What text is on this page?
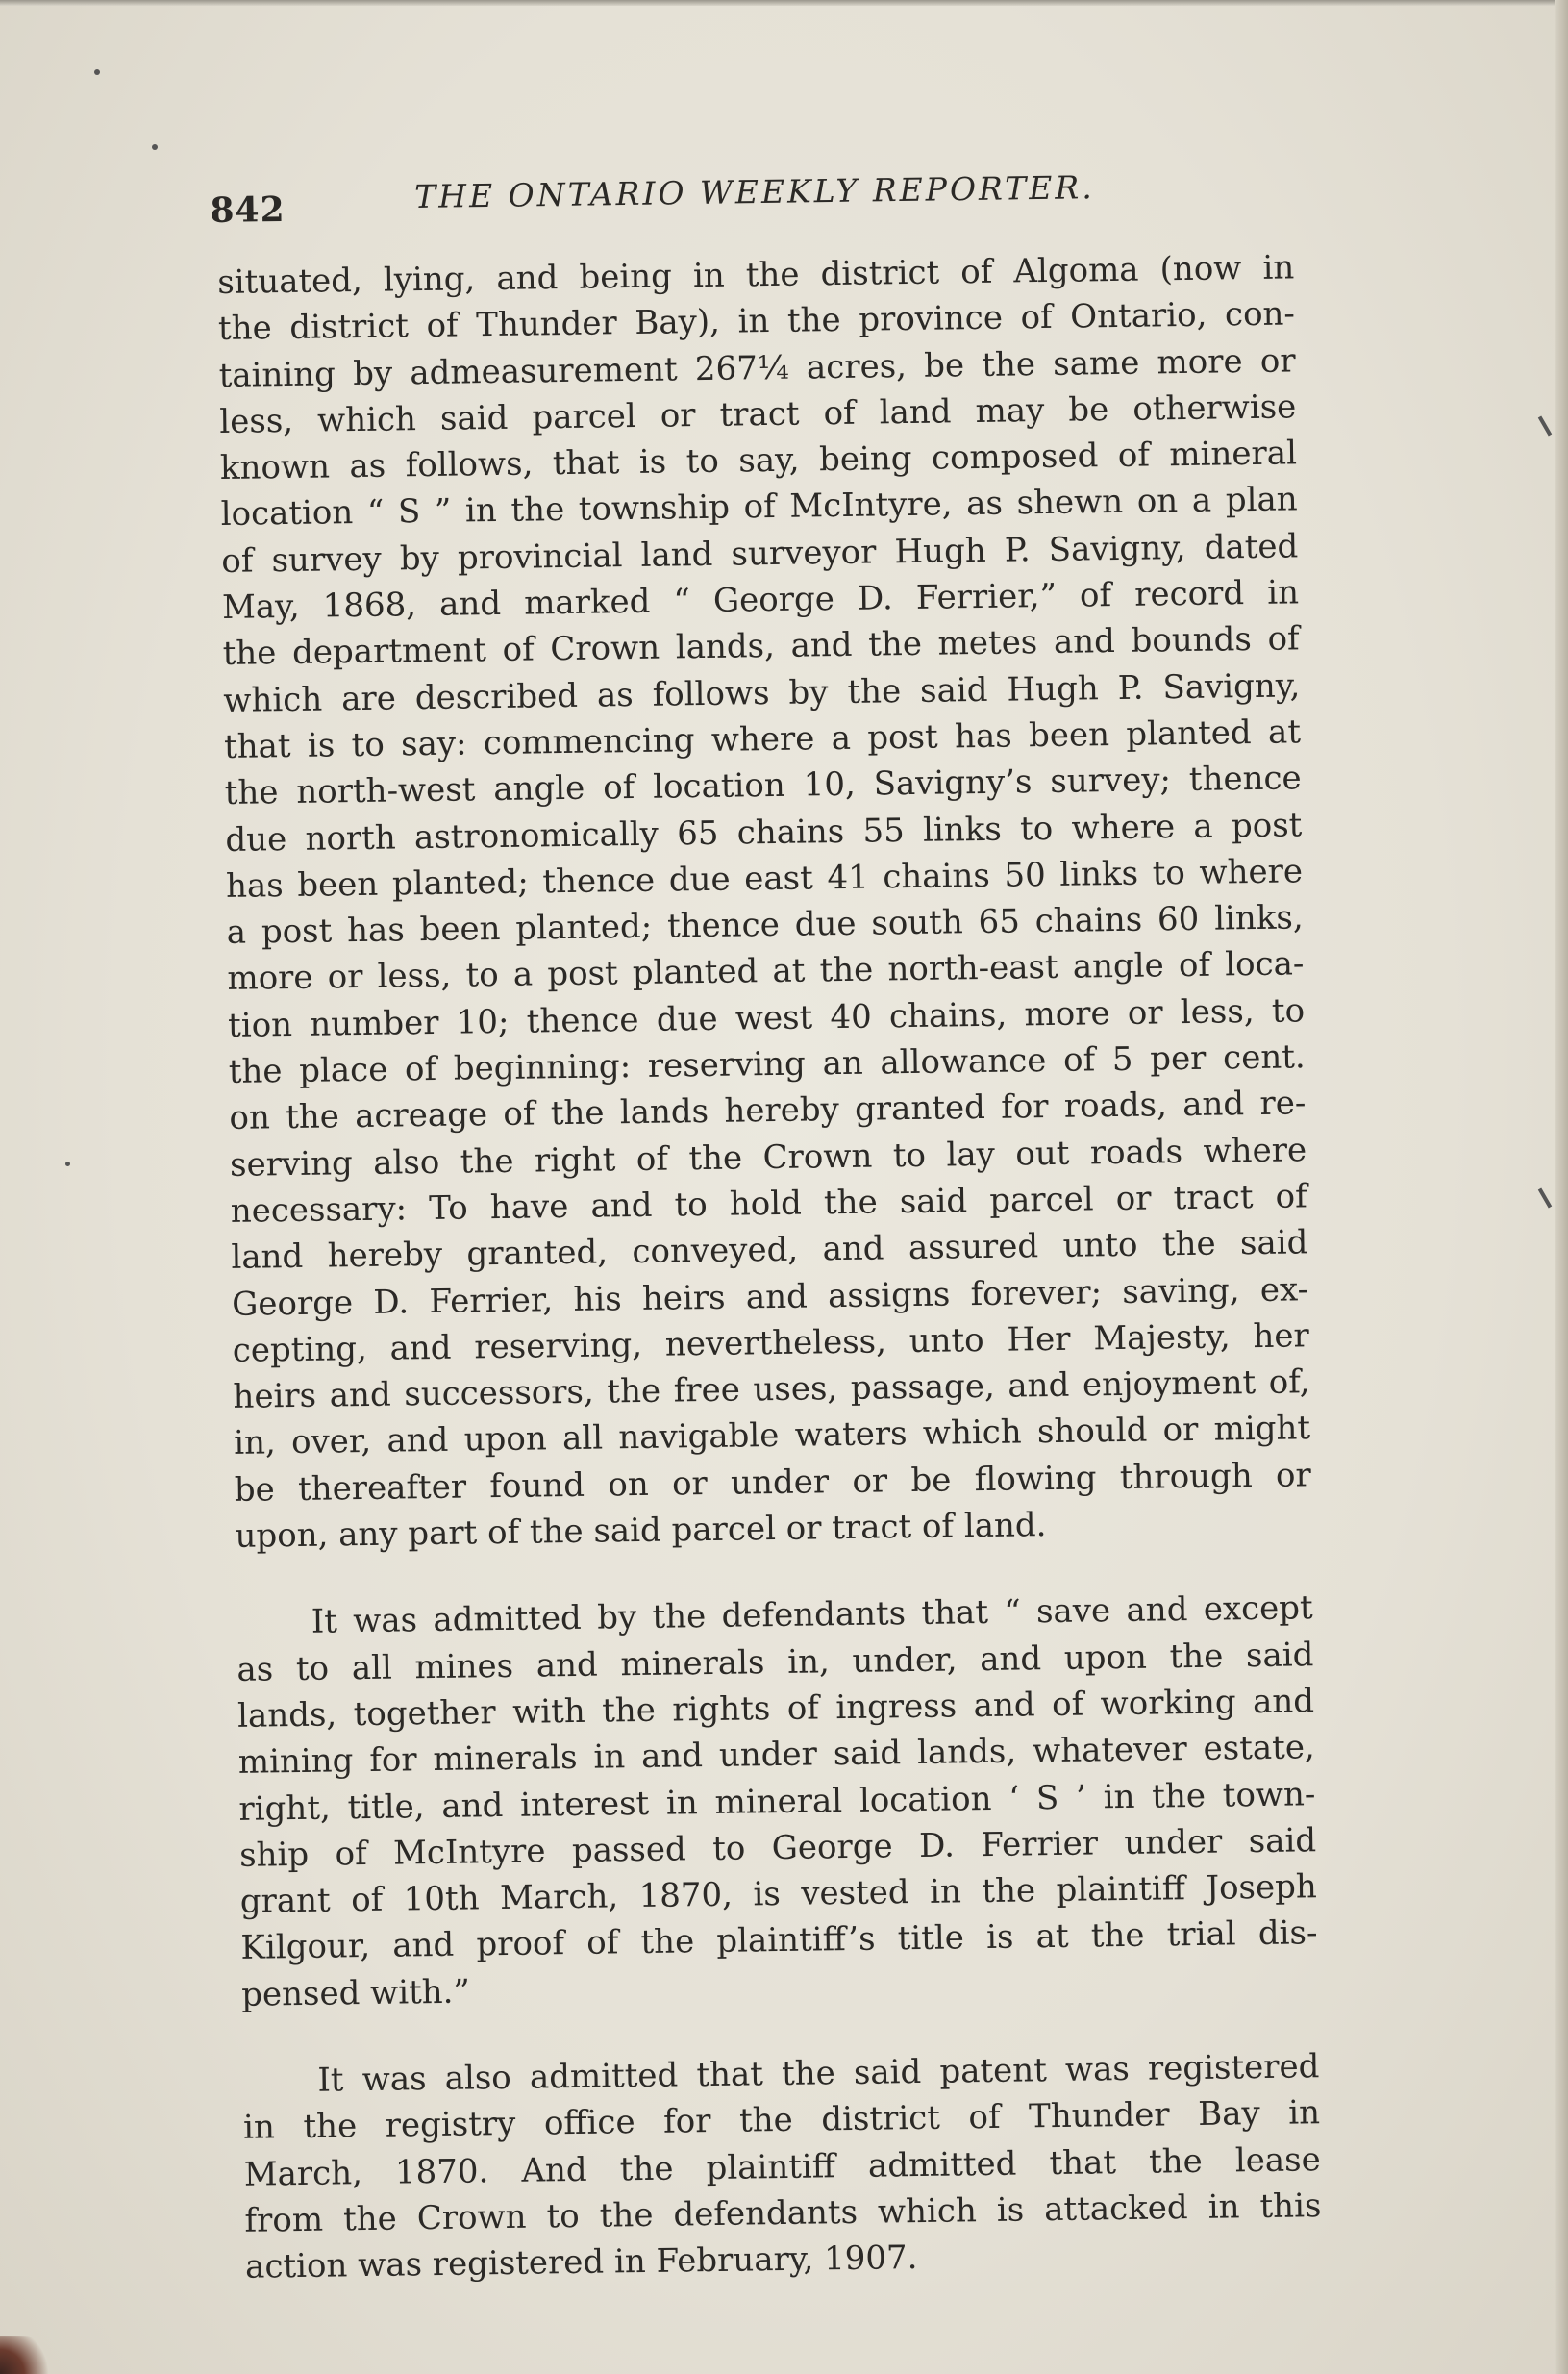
842	THE ONTARIO WEEKLY REPORTER.
situated, lying, and being in the district of Algoma (now in
the district of Thunder Bay), in the province of Ontario, con-
taining by admeasurement 267¼ acres, be the same more or
less, which said parcel or tract of land may be otherwise
known as follows, that is to say, being composed of mineral
location “ S ” in the township of McIntyre, as shewn on a plan
of survey by provincial land surveyor Hugh P. Savigny, dated
May, 1868, and marked “ George D. Ferrier,” of record in
the department of Crown lands, and the metes and bounds of
which are described as follows by the said Hugh P. Savigny,
that is to say: commencing where a post has been planted at
the north-west angle of location 10, Savigny’s survey; thence
due north astronomically 65 chains 55 links to where a post
has been planted; thence due east 41 chains 50 links to where
a post has been planted; thence due south 65 chains 60 links,
more or less, to a post planted at the north-east angle of loca-
tion number 10; thence due west 40 chains, more or less, to
the place of beginning: reserving an allowance of 5 per cent.
on the acreage of the lands hereby granted for roads, and re-
serving also the right of the Crown to lay out roads where
necessary: To have and to hold the said parcel or tract of
land hereby granted, conveyed, and assured unto the said
George D. Ferrier, his heirs and assigns forever; saving, ex-
cepting, and reserving, nevertheless, unto Her Majesty, her
heirs and successors, the free uses, passage, and enjoyment of,
in, over, and upon all navigable waters which should or might
be thereafter found on or under or be flowing through or
upon, any part of the said parcel or tract of land.
It was admitted by the defendants that “ save and except
as to all mines and minerals in, under, and upon the said
lands, together with the rights of ingress and of working and
mining for minerals in and under said lands, whatever estate,
right, title, and interest in mineral location ‘ S ’ in the town-
ship of McIntyre passed to George D. Ferrier under said
grant of 10th March, 1870, is vested in the plaintiff Joseph
Kilgour, and proof of the plaintiff’s title is at the trial dis-
pensed with.”
It was also admitted that the said patent was registered
in the registry office for the district of Thunder Bay in
March, 1870. And the plaintiff admitted that the lease
from the Crown to the defendants which is attacked in this
action was registered in February, 1907.
